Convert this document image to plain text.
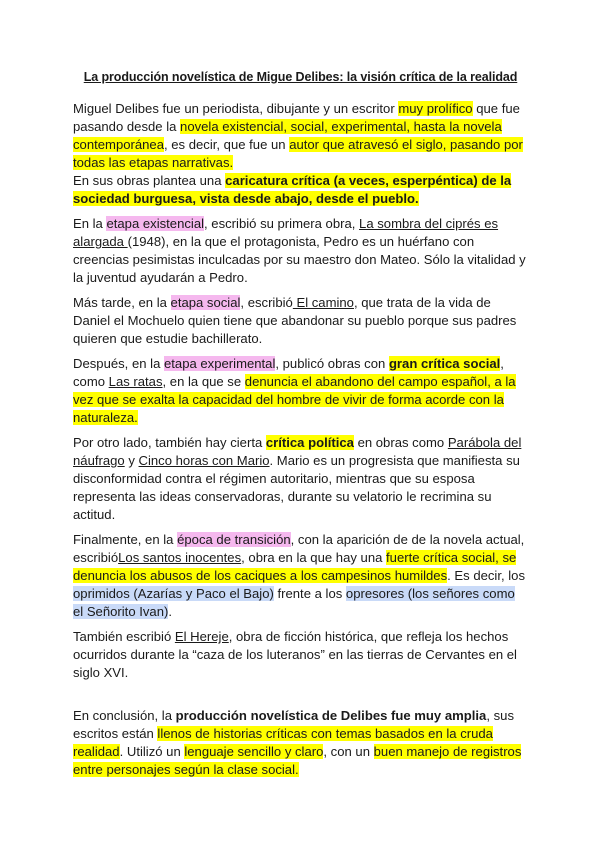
La producción novelística de Migue Delibes: la visión crítica de la realidad

Miguel Delibes fue un periodista, dibujante y un escritor muy prolífico que fue pasando desde la novela existencial, social, experimental, hasta la novela contemporánea, es decir, que fue un autor que atravesó el siglo, pasando por todas las etapas narrativas.

En sus obras plantea una caricatura crítica (a veces, esperpéntica) de la sociedad burguesa, vista desde abajo, desde el pueblo.

En la etapa existencial, escribió su primera obra, La sombra del ciprés es alargada (1948), en la que el protagonista, Pedro es un huérfano con creencias pesimistas inculcadas por su maestro don Mateo. Sólo la vitalidad y la juventud ayudarán a Pedro.

Más tarde, en la etapa social, escribió El camino, que trata de la vida de Daniel el Mochuelo quien tiene que abandonar su pueblo porque sus padres quieren que estudie bachillerato.

Después, en la etapa experimental, publicó obras con gran crítica social, como Las ratas, en la que se denuncia el abandono del campo español, a la vez que se exalta la capacidad del hombre de vivir de forma acorde con la naturaleza.

Por otro lado, también hay cierta crítica política en obras como Parábola del náufrago y Cinco horas con Mario. Mario es un progresista que manifiesta su disconformidad contra el régimen autoritario, mientras que su esposa representa las ideas conservadoras, durante su velatorio le recrimina su actitud.

Finalmente, en la época de transición, con la aparición de de la novela actual, escribióLos santos inocentes, obra en la que hay una fuerte crítica social, se denuncia los abusos de los caciques a los campesinos humildes. Es decir, los oprimidos (Azarías y Paco el Bajo) frente a los opresores (los señores como el Señorito Ivan).

También escribió El Hereje, obra de ficción histórica, que refleja los hechos ocurridos durante la “caza de los luteranos” en las tierras de Cervantes en el siglo XVI.

En conclusión, la producción novelística de Delibes fue muy amplia, sus escritos están llenos de historias críticas con temas basados en la cruda realidad. Utilizó un lenguaje sencillo y claro, con un buen manejo de registros entre personajes según la clase social.
